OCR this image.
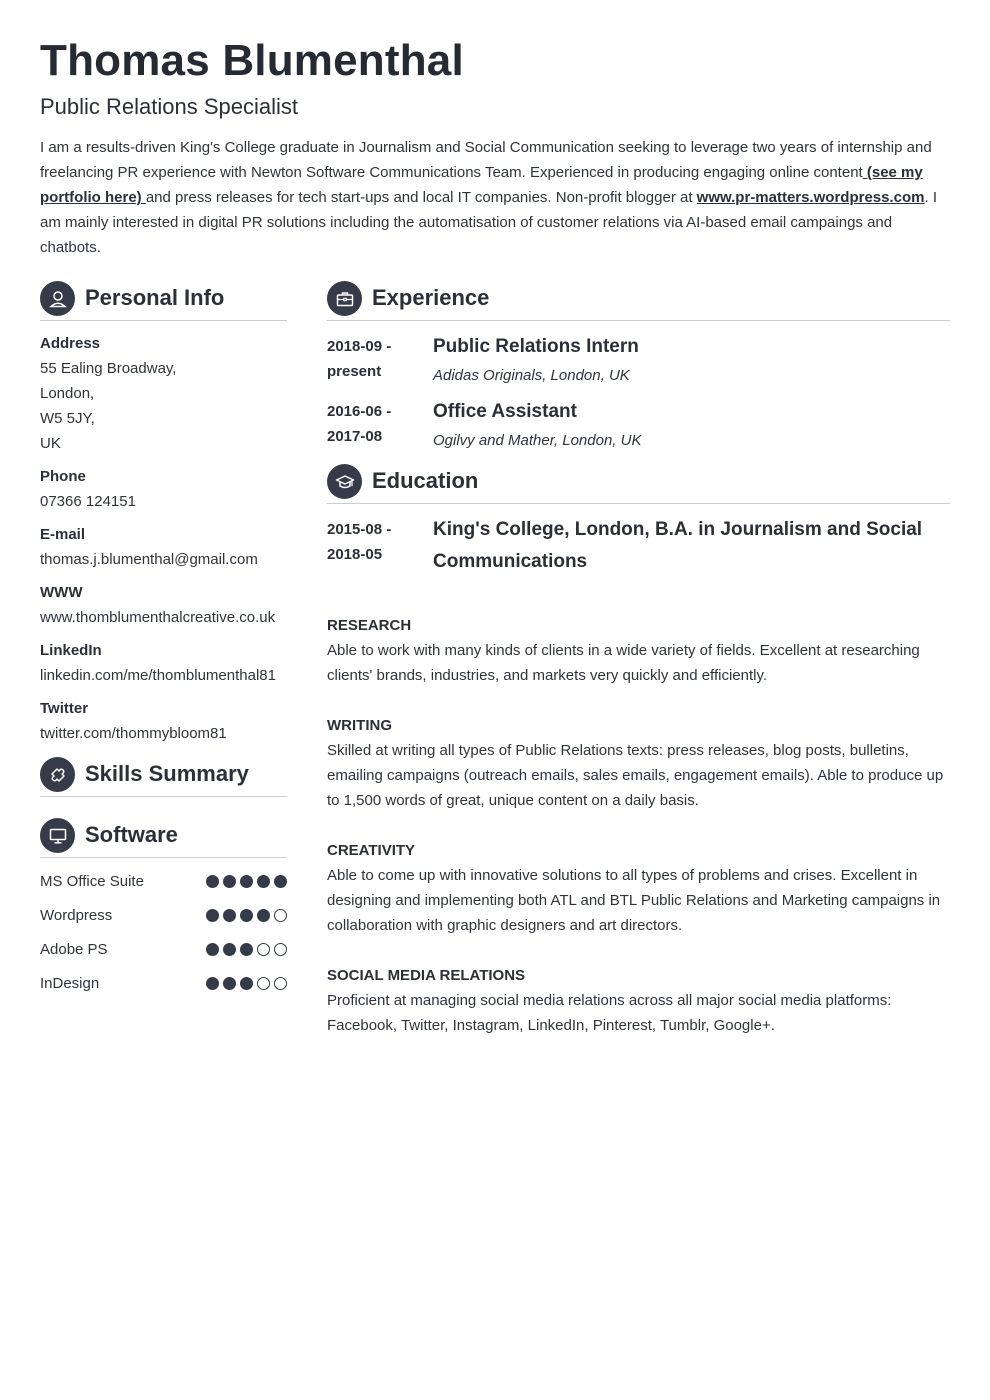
Thomas Blumenthal
Public Relations Specialist
I am a results-driven King's College graduate in Journalism and Social Communication seeking to leverage two years of internship and freelancing PR experience with Newton Software Communications Team. Experienced in producing engaging online content (see my portfolio here) and press releases for tech start-ups and local IT companies. Non-profit blogger at www.pr-matters.wordpress.com. I am mainly interested in digital PR solutions including the automatisation of customer relations via AI-based email campaings and chatbots.
Personal Info
Address
55 Ealing Broadway,
London,
W5 5JY,
UK
Phone
07366 124151
E-mail
thomas.j.blumenthal@gmail.com
WWW
www.thomblumenthalcreative.co.uk
LinkedIn
linkedin.com/me/thomblumenthal81
Twitter
twitter.com/thommybloom81
Skills Summary
Software
MS Office Suite
Wordpress
Adobe PS
InDesign
Experience
2018-09 -
present
Public Relations Intern
Adidas Originals, London, UK
2016-06 -
2017-08
Office Assistant
Ogilvy and Mather, London, UK
Education
2015-08 -
2018-05
King's College, London, B.A. in Journalism and Social Communications
RESEARCH
Able to work with many kinds of clients in a wide variety of fields. Excellent at researching clients' brands, industries, and markets very quickly and efficiently.
WRITING
Skilled at writing all types of Public Relations texts: press releases, blog posts, bulletins, emailing campaigns (outreach emails, sales emails, engagement emails). Able to produce up to 1,500 words of great, unique content on a daily basis.
CREATIVITY
Able to come up with innovative solutions to all types of problems and crises. Excellent in designing and implementing both ATL and BTL Public Relations and Marketing campaigns in collaboration with graphic designers and art directors.
SOCIAL MEDIA RELATIONS
Proficient at managing social media relations across all major social media platforms: Facebook, Twitter, Instagram, LinkedIn, Pinterest, Tumblr, Google+.
